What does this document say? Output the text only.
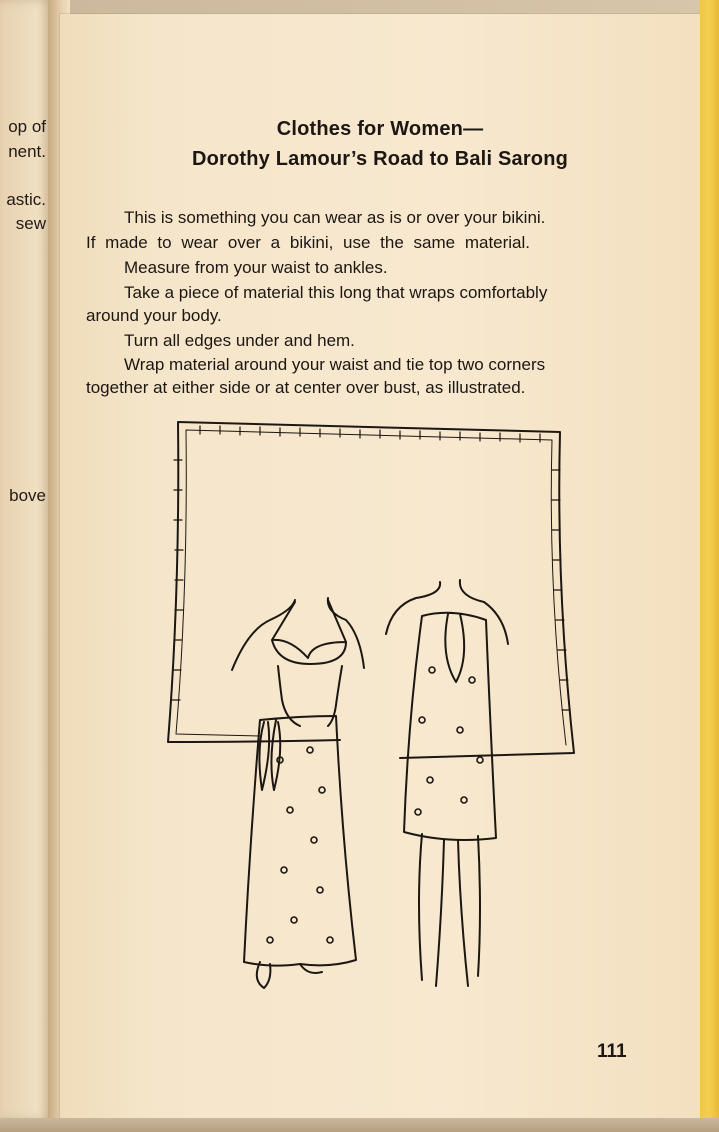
op of
nent.
astic.
sew
bove
Clothes for Women—
Dorothy Lamour’s Road to Bali Sarong
This is something you can wear as is or over your bikini.
If made to wear over a bikini, use the same material.
Measure from your waist to ankles.
Take a piece of material this long that wraps comfortably
around your body.
Turn all edges under and hem.
Wrap material around your waist and tie top two corners
together at either side or at center over bust, as illustrated.
111
